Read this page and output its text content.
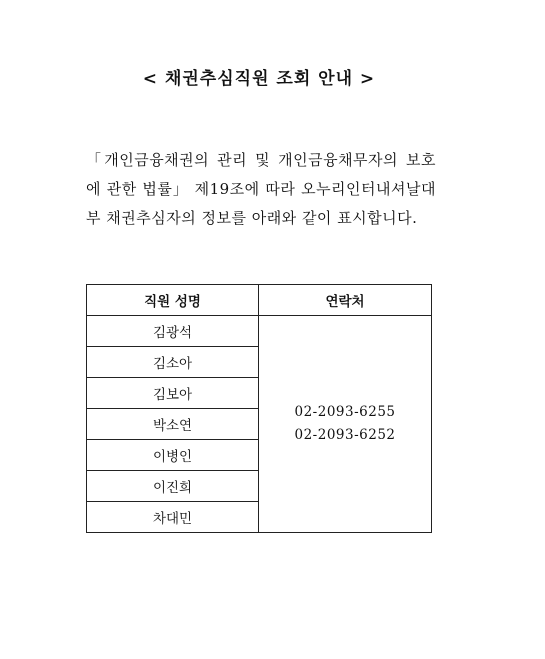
< 채권추심직원 조회 안내 >
「개인금융채권의 관리 및 개인금융채무자의 보호에 관한 법률」 제19조에 따라 오누리인터내셔날대부 채권추심자의 정보를 아래와 같이 표시합니다.
직원 성명	연락처
김광석	02-2093-6255
02-2093-6252

김소아	
김보아	
박소연	
이병인	
이진희	
차대민	
